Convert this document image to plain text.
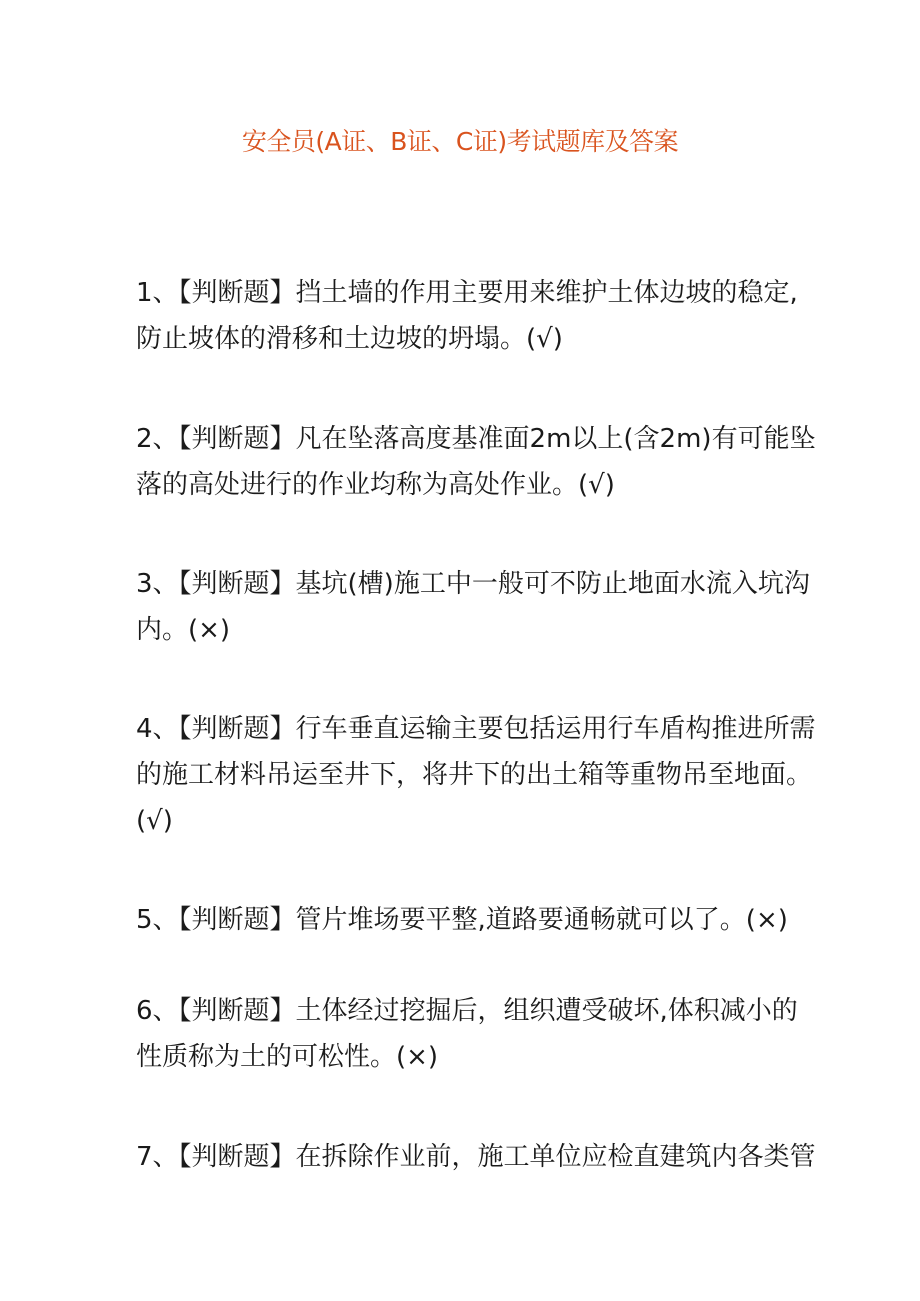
安全员(A证、B证、C证)考试题库及答案

1、【判断题】挡土墙的作用主要用来维护土体边坡的稳定,
防止坡体的滑移和土边坡的坍塌。(√)

2、【判断题】凡在坠落高度基准面2m以上(含2m)有可能坠
落的高处进行的作业均称为高处作业。(√)

3、【判断题】基坑(槽)施工中一般可不防止地面水流入坑沟
内。(×)

4、【判断题】行车垂直运输主要包括运用行车盾构推进所需
的施工材料吊运至井下，将井下的出土箱等重物吊至地面。
(√)

5、【判断题】管片堆场要平整,道路要通畅就可以了。(×)

6、【判断题】土体经过挖掘后，组织遭受破坏,体积减小的
性质称为土的可松性。(×)

7、【判断题】在拆除作业前，施工单位应检直建筑内各类管
